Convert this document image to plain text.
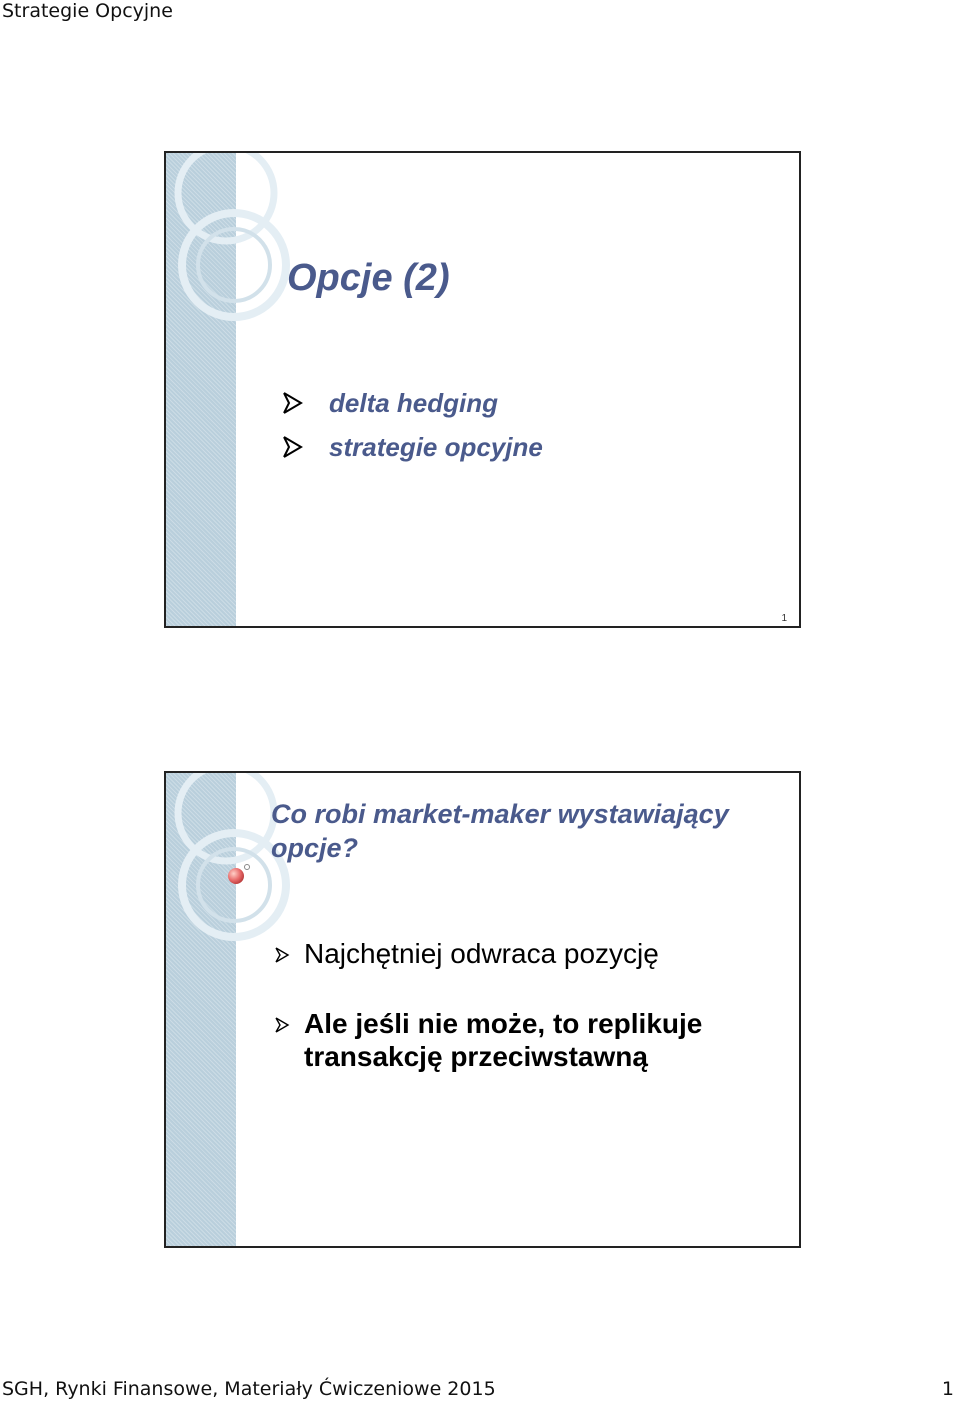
Strategie Opcyjne
Opcje (2)
delta hedging
strategie opcyjne
1
Co robi market-maker wystawiający opcje?
Najchętniej odwraca pozycję
Ale jeśli nie może, to replikuje transakcję przeciwstawną
SGH, Rynki Finansowe, Materiały Ćwiczeniowe 2015	1
